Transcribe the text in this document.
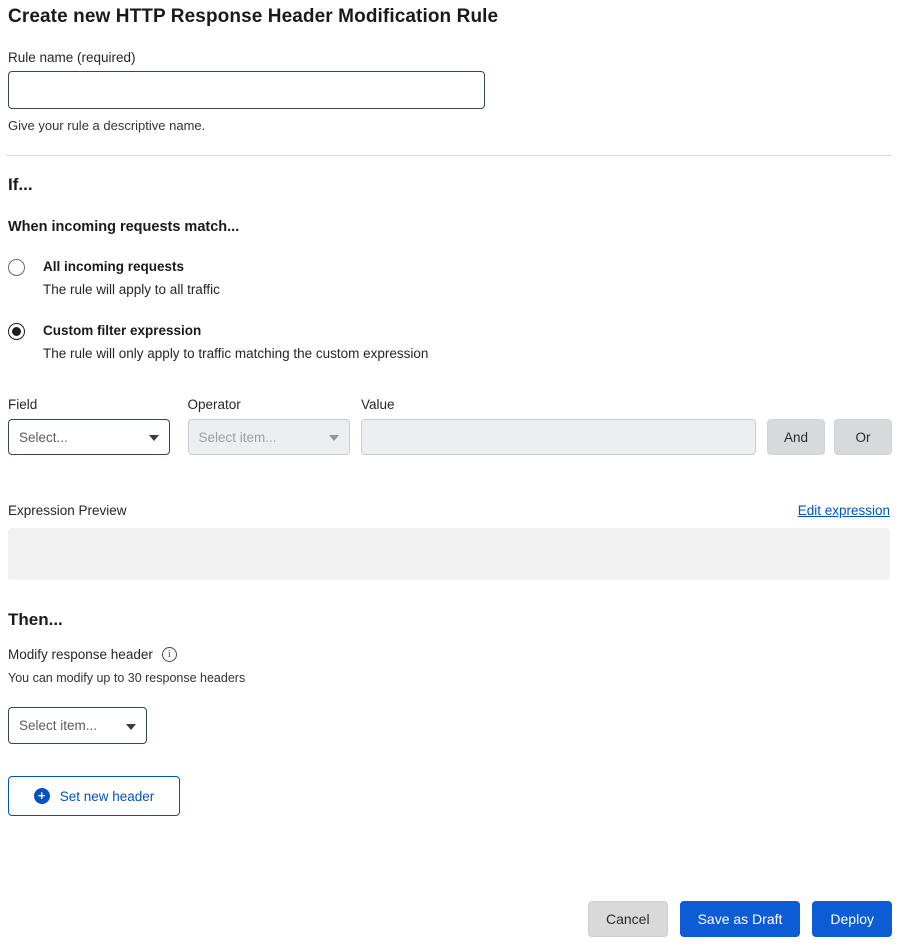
Create new HTTP Response Header Modification Rule
Rule name (required)
Give your rule a descriptive name.
If...
When incoming requests match...
All incoming requests
The rule will apply to all traffic
Custom filter expression
The rule will only apply to traffic matching the custom expression
Field
Select...
Operator
Select item...
Value
And	Or
Expression Preview	Edit expression
Then...
Modify response header	i
You can modify up to 30 response headers
Select item...
+	Set new header
Cancel	Save as Draft	Deploy
